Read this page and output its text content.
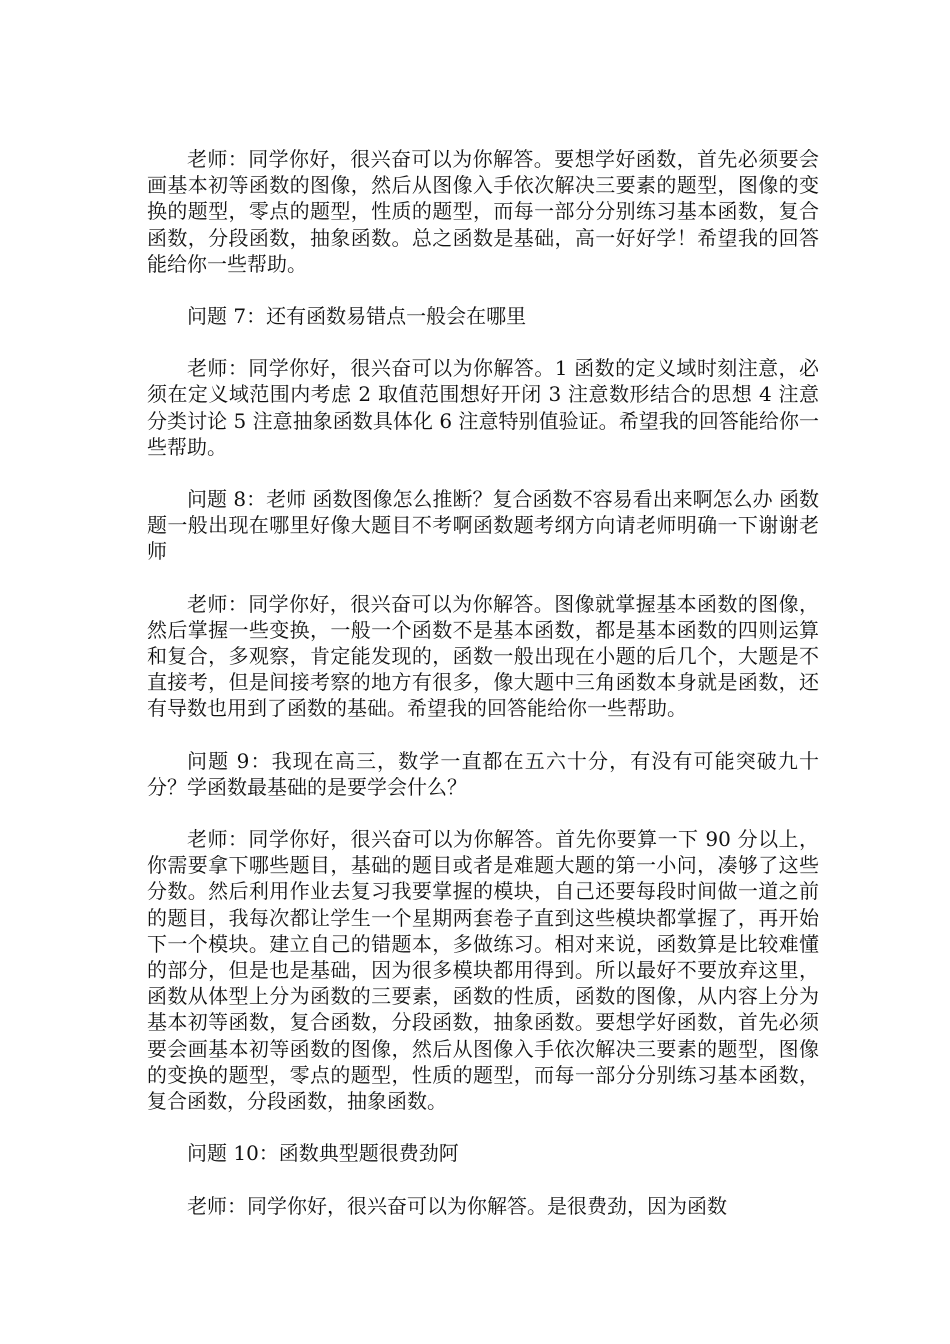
老师：同学你好，很兴奋可以为你解答。要想学好函数，首先必须要会画基本初等函数的图像，然后从图像入手依次解决三要素的题型，图像的变换的题型，零点的题型，性质的题型，而每一部分分别练习基本函数，复合函数，分段函数，抽象函数。总之函数是基础，高一好好学！希望我的回答能给你一些帮助。

问题 7：还有函数易错点一般会在哪里

老师：同学你好，很兴奋可以为你解答。1 函数的定义域时刻注意，必须在定义域范围内考虑 2 取值范围想好开闭 3 注意数形结合的思想 4 注意分类讨论 5 注意抽象函数具体化 6 注意特别值验证。希望我的回答能给你一些帮助。

问题 8：老师 函数图像怎么推断？复合函数不容易看出来啊怎么办 函数题一般出现在哪里好像大题目不考啊函数题考纲方向请老师明确一下谢谢老师

老师：同学你好，很兴奋可以为你解答。图像就掌握基本函数的图像，然后掌握一些变换，一般一个函数不是基本函数，都是基本函数的四则运算和复合，多观察，肯定能发现的，函数一般出现在小题的后几个，大题是不直接考，但是间接考察的地方有很多，像大题中三角函数本身就是函数，还有导数也用到了函数的基础。希望我的回答能给你一些帮助。

问题 9：我现在高三，数学一直都在五六十分，有没有可能突破九十分？学函数最基础的是要学会什么？

老师：同学你好，很兴奋可以为你解答。首先你要算一下 90 分以上，你需要拿下哪些题目，基础的题目或者是难题大题的第一小问，凑够了这些分数。然后利用作业去复习我要掌握的模块，自己还要每段时间做一道之前的题目，我每次都让学生一个星期两套卷子直到这些模块都掌握了，再开始下一个模块。建立自己的错题本，多做练习。相对来说，函数算是比较难懂的部分，但是也是基础，因为很多模块都用得到。所以最好不要放弃这里，函数从体型上分为函数的三要素，函数的性质，函数的图像，从内容上分为基本初等函数，复合函数，分段函数，抽象函数。要想学好函数，首先必须要会画基本初等函数的图像，然后从图像入手依次解决三要素的题型，图像的变换的题型，零点的题型，性质的题型，而每一部分分别练习基本函数，复合函数，分段函数，抽象函数。

问题 10：函数典型题很费劲阿

老师：同学你好，很兴奋可以为你解答。是很费劲，因为函数
